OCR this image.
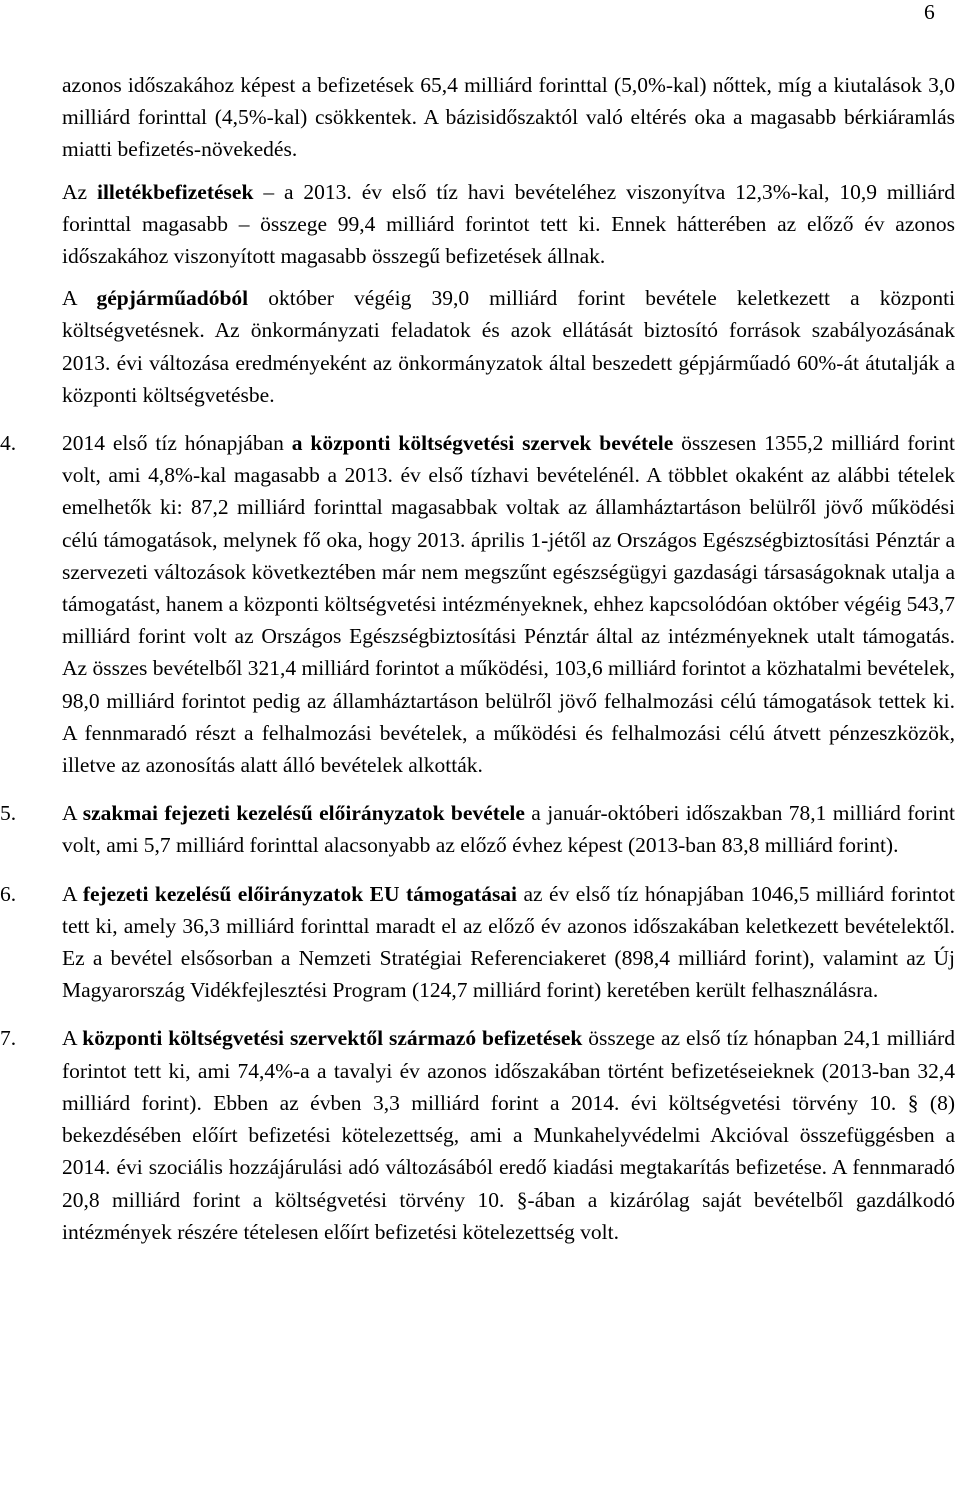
6

azonos időszakához képest a befizetések 65,4 milliárd forinttal (5,0%-kal) nőttek, míg a kiutalások 3,0 milliárd forinttal (4,5%-kal) csökkentek. A bázisidőszaktól való eltérés oka a magasabb bérkiáramlás miatti befizetés-növekedés.

Az illetékbefizetések – a 2013. év első tíz havi bevételéhez viszonyítva 12,3%-kal, 10,9 milliárd forinttal magasabb – összege 99,4 milliárd forintot tett ki. Ennek hátterében az előző év azonos időszakához viszonyított magasabb összegű befizetések állnak.

A gépjárműadóból október végéig 39,0 milliárd forint bevétele keletkezett a központi költségvetésnek. Az önkormányzati feladatok és azok ellátását biztosító források szabályozásának 2013. évi változása eredményeként az önkormányzatok által beszedett gépjárműadó 60%-át átutalják a központi költségvetésbe.

4. 2014 első tíz hónapjában a központi költségvetési szervek bevétele összesen 1355,2 milliárd forint volt, ami 4,8%-kal magasabb a 2013. év első tízhavi bevételénél. A többlet okaként az alábbi tételek emelhetők ki: 87,2 milliárd forinttal magasabbak voltak az államháztartáson belülről jövő működési célú támogatások, melynek fő oka, hogy 2013. április 1-jétől az Országos Egészségbiztosítási Pénztár a szervezeti változások következtében már nem megszűnt egészségügyi gazdasági társaságoknak utalja a támogatást, hanem a központi költségvetési intézményeknek, ehhez kapcsolódóan október végéig 543,7 milliárd forint volt az Országos Egészségbiztosítási Pénztár által az intézményeknek utalt támogatás. Az összes bevételből 321,4 milliárd forintot a működési, 103,6 milliárd forintot a közhatalmi bevételek, 98,0 milliárd forintot pedig az államháztartáson belülről jövő felhalmozási célú támogatások tettek ki. A fennmaradó részt a felhalmozási bevételek, a működési és felhalmozási célú átvett pénzeszközök, illetve az azonosítás alatt álló bevételek alkották.

5. A szakmai fejezeti kezelésű előirányzatok bevétele a január-októberi időszakban 78,1 milliárd forint volt, ami 5,7 milliárd forinttal alacsonyabb az előző évhez képest (2013-ban 83,8 milliárd forint).

6. A fejezeti kezelésű előirányzatok EU támogatásai az év első tíz hónapjában 1046,5 milliárd forintot tett ki, amely 36,3 milliárd forinttal maradt el az előző év azonos időszakában keletkezett bevételektől. Ez a bevétel elsősorban a Nemzeti Stratégiai Referenciakeret (898,4 milliárd forint), valamint az Új Magyarország Vidékfejlesztési Program (124,7 milliárd forint) keretében került felhasználásra.

7. A központi költségvetési szervektől származó befizetések összege az első tíz hónapban 24,1 milliárd forintot tett ki, ami 74,4%-a a tavalyi év azonos időszakában történt befizetéseieknek (2013-ban 32,4 milliárd forint). Ebben az évben 3,3 milliárd forint a 2014. évi költségvetési törvény 10. § (8) bekezdésében előírt befizetési kötelezettség, ami a Munkahelyvédelmi Akcióval összefüggésben a 2014. évi szociális hozzájárulási adó változásából eredő kiadási megtakarítás befizetése. A fennmaradó 20,8 milliárd forint a költségvetési törvény 10. §-ában a kizárólag saját bevételből gazdálkodó intézmények részére tételesen előírt befizetési kötelezettség volt.
